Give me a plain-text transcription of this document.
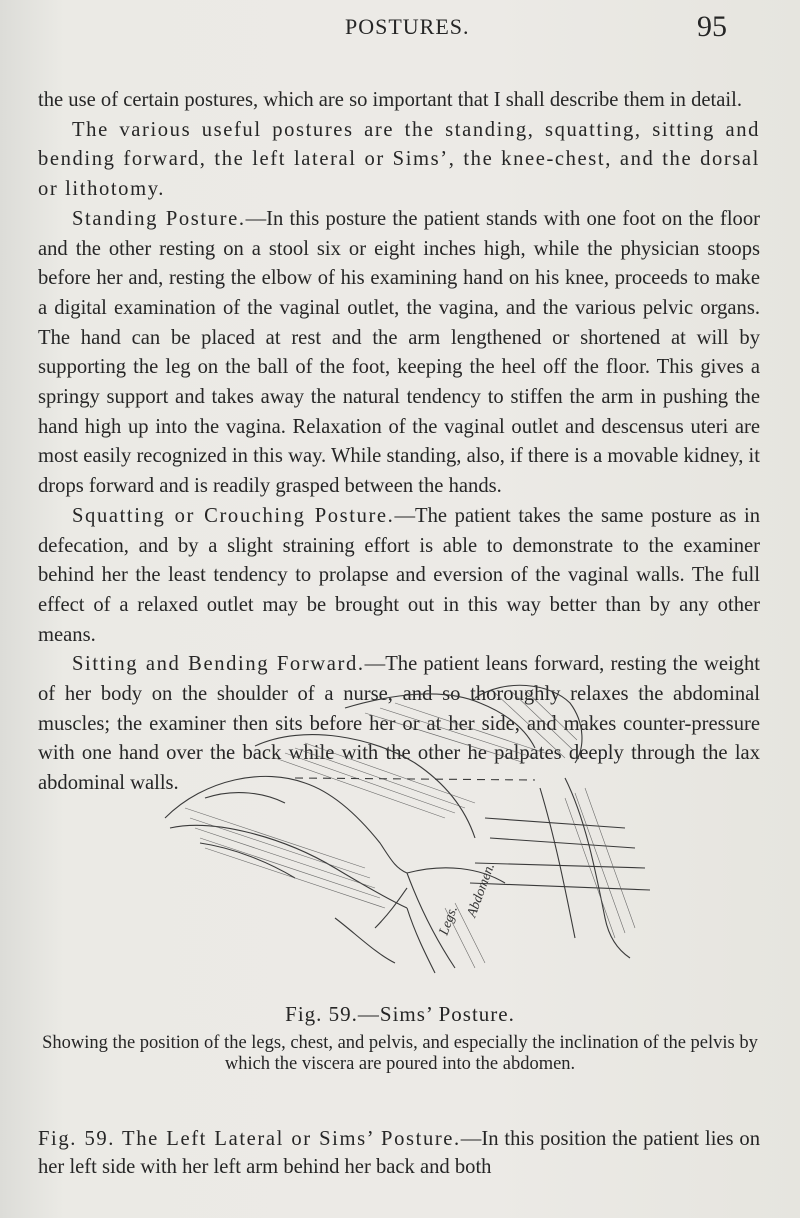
POSTURES.	95

the use of certain postures, which are so important that I shall describe them in detail.

The various useful postures are the standing, squatting, sitting and bending forward, the left lateral or Sims’, the knee-chest, and the dorsal or lithotomy.

Standing Posture.—In this posture the patient stands with one foot on the floor and the other resting on a stool six or eight inches high, while the physician stoops before her and, resting the elbow of his examining hand on his knee, proceeds to make a digital examination of the vaginal outlet, the vagina, and the various pelvic organs. The hand can be placed at rest and the arm lengthened or shortened at will by supporting the leg on the ball of the foot, keeping the heel off the floor. This gives a springy support and takes away the natural tendency to stiffen the arm in pushing the hand high up into the vagina. Relaxation of the vaginal outlet and descensus uteri are most easily recognized in this way. While standing, also, if there is a movable kidney, it drops forward and is readily grasped between the hands.

Squatting or Crouching Posture.—The patient takes the same posture as in defecation, and by a slight straining effort is able to demonstrate to the examiner behind her the least tendency to prolapse and eversion of the vaginal walls. The full effect of a relaxed outlet may be brought out in this way better than by any other means.

Sitting and Bending Forward.—The patient leans forward, resting the weight of her body on the shoulder of a nurse, and so thoroughly relaxes the abdominal muscles; the examiner then sits before her or at her side, and makes counter-pressure with one hand over the back while with the other he palpates deeply through the lax abdominal walls.

Abdomen.
Legs.
Fig. 59.—Sims’ Posture.
Showing the position of the legs, chest, and pelvis, and especially the inclination of the pelvis by which the viscera are poured into the abdomen.
Fig. 59. The Left Lateral or Sims’ Posture.—In this position the patient lies on her left side with her left arm behind her back and both
